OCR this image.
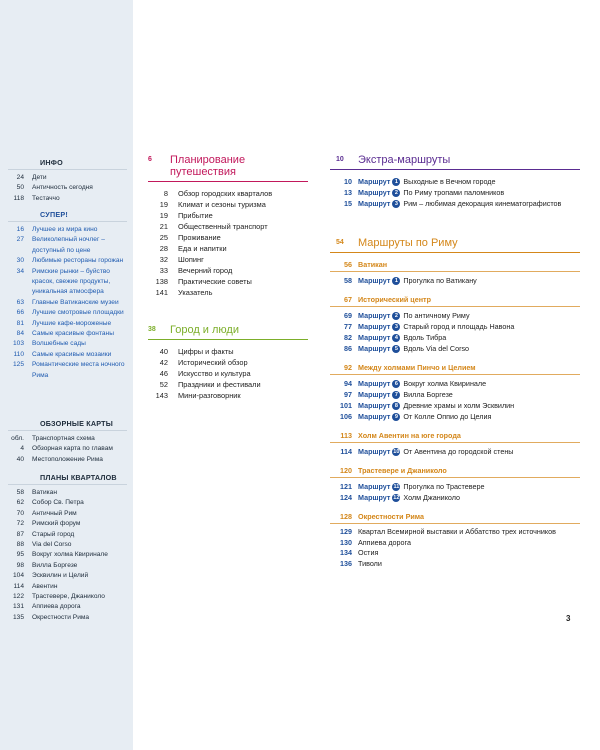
ИНФО
24	Дети
50	Античность сегодня
118	Тестаччо
СУПЕР!
16	Лучшее из мира кино
27	Великолепный ночлег – доступный по цене
30	Любимые рестораны горожан
34	Римские рынки – буйство красок, свежие продукты, уникальная атмосфера
63	Главные Ватиканские музеи
66	Лучшие смотровые площадки
81	Лучшие кафе-мороженые
84	Самые красивые фонтаны
103	Волшебные сады
110	Самые красивые мозаики
125	Романтические места ночного Рима
ОБЗОРНЫЕ КАРТЫ
обл.	Транспортная схема
4	Обзорная карта по главам
40	Местоположение Рима
ПЛАНЫ КВАРТАЛОВ
58	Ватикан
62	Собор Св. Петра
70	Античный Рим
72	Римский форум
87	Старый город
88	Via del Corso
95	Вокруг холма Квиринале
98	Вилла Боргезе
104	Эсквилин и Целий
114	Авентин
122	Трастевере, Джаниколо
131	Аппиева дорога
135	Окрестности Рима
6	Планирование
путешествия
8	Обзор городских кварталов
19	Климат и сезоны туризма
19	Прибытие
21	Общественный транспорт
25	Проживание
28	Еда и напитки
32	Шопинг
33	Вечерний город
138	Практические советы
141	Указатель
38	Город и люди
40	Цифры и факты
42	Исторический обзор
46	Искусство и культура
52	Праздники и фестивали
143	Мини-разговорник
10	Экстра-маршруты
10 Маршрут 1 Выходные в Вечном городе
13 Маршрут 2 По Риму тропами паломников
15 Маршрут 3 Рим – любимая декорация кинематографистов
54	Маршруты по Риму
56 Ватикан
58 Маршрут 1 Прогулка по Ватикану
67 Исторический центр
69 Маршрут 2 По античному Риму
77 Маршрут 3 Старый город и площадь Навона
82 Маршрут 4 Вдоль Тибра
86 Маршрут 5 Вдоль Via del Corso
92 Между холмами Пинчо и Целием
94 Маршрут 6 Вокруг холма Квиринале
97 Маршрут 7 Вилла Боргезе
101 Маршрут 8 Древние храмы и холм Эсквилин
106 Маршрут 9 От Колле Оппио до Целия
113 Холм Авентин на юге города
114 Маршрут 10 От Авентина до городской стены
120 Трастевере и Джаниколо
121 Маршрут 11 Прогулка по Трастевере
124 Маршрут 12 Холм Джаниколо
128 Окрестности Рима
129 Квартал Всемирной выставки и Аббатство трех источников
130 Аппиева дорога
134 Остия
136 Тиволи
3
